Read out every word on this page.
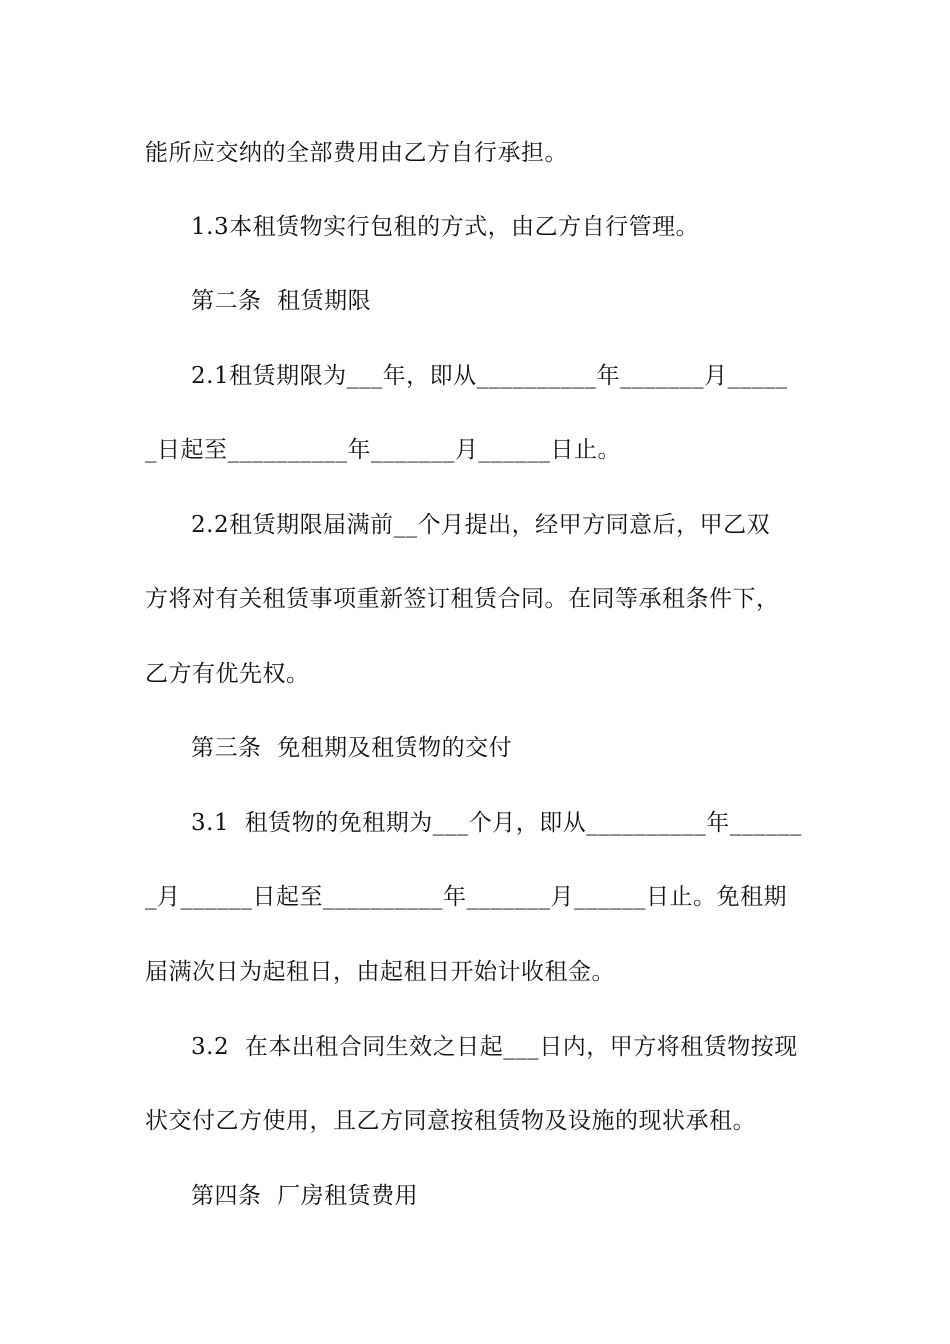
能所应交纳的全部费用由乙方自行承担。

1.3本租赁物实行包租的方式，由乙方自行管理。

第二条  租赁期限

2.1租赁期限为___年，即从__________年_______月_____

_日起至__________年_______月______日止。

2.2租赁期限届满前__个月提出，经甲方同意后，甲乙双

方将对有关租赁事项重新签订租赁合同。在同等承租条件下，

乙方有优先权。

第三条  免租期及租赁物的交付

3.1  租赁物的免租期为___个月，即从__________年______

_月______日起至__________年_______月______日止。免租期

届满次日为起租日，由起租日开始计收租金。

3.2  在本出租合同生效之日起___日内，甲方将租赁物按现

状交付乙方使用，且乙方同意按租赁物及设施的现状承租。

第四条  厂房租赁费用
